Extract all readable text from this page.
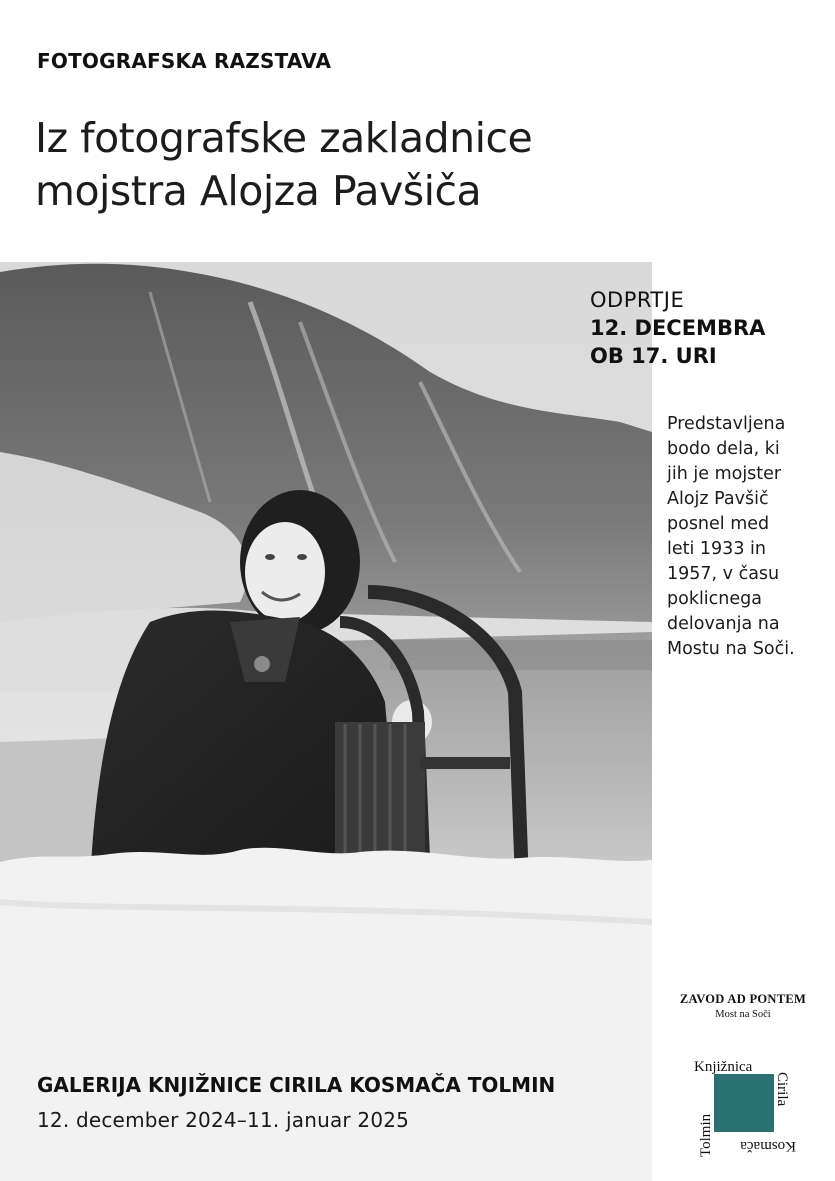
FOTOGRAFSKA RAZSTAVA
Iz fotografske zakladnice
mojstra Alojza Pavšiča
ODPRTJE
12. DECEMBRA
OB 17. URI
Predstavljena
bodo dela, ki
jih je mojster
Alojz Pavšič
posnel med
leti 1933 in
1957, v času
poklicnega
delovanja na
Mostu na Soči.
ZAVOD AD PONTEM
Most na Soči
Knjižnica
Cirila
Kosmača
Tolmin
GALERIJA KNJIŽNICE CIRILA KOSMAČA TOLMIN
12. december 2024–11. januar 2025
